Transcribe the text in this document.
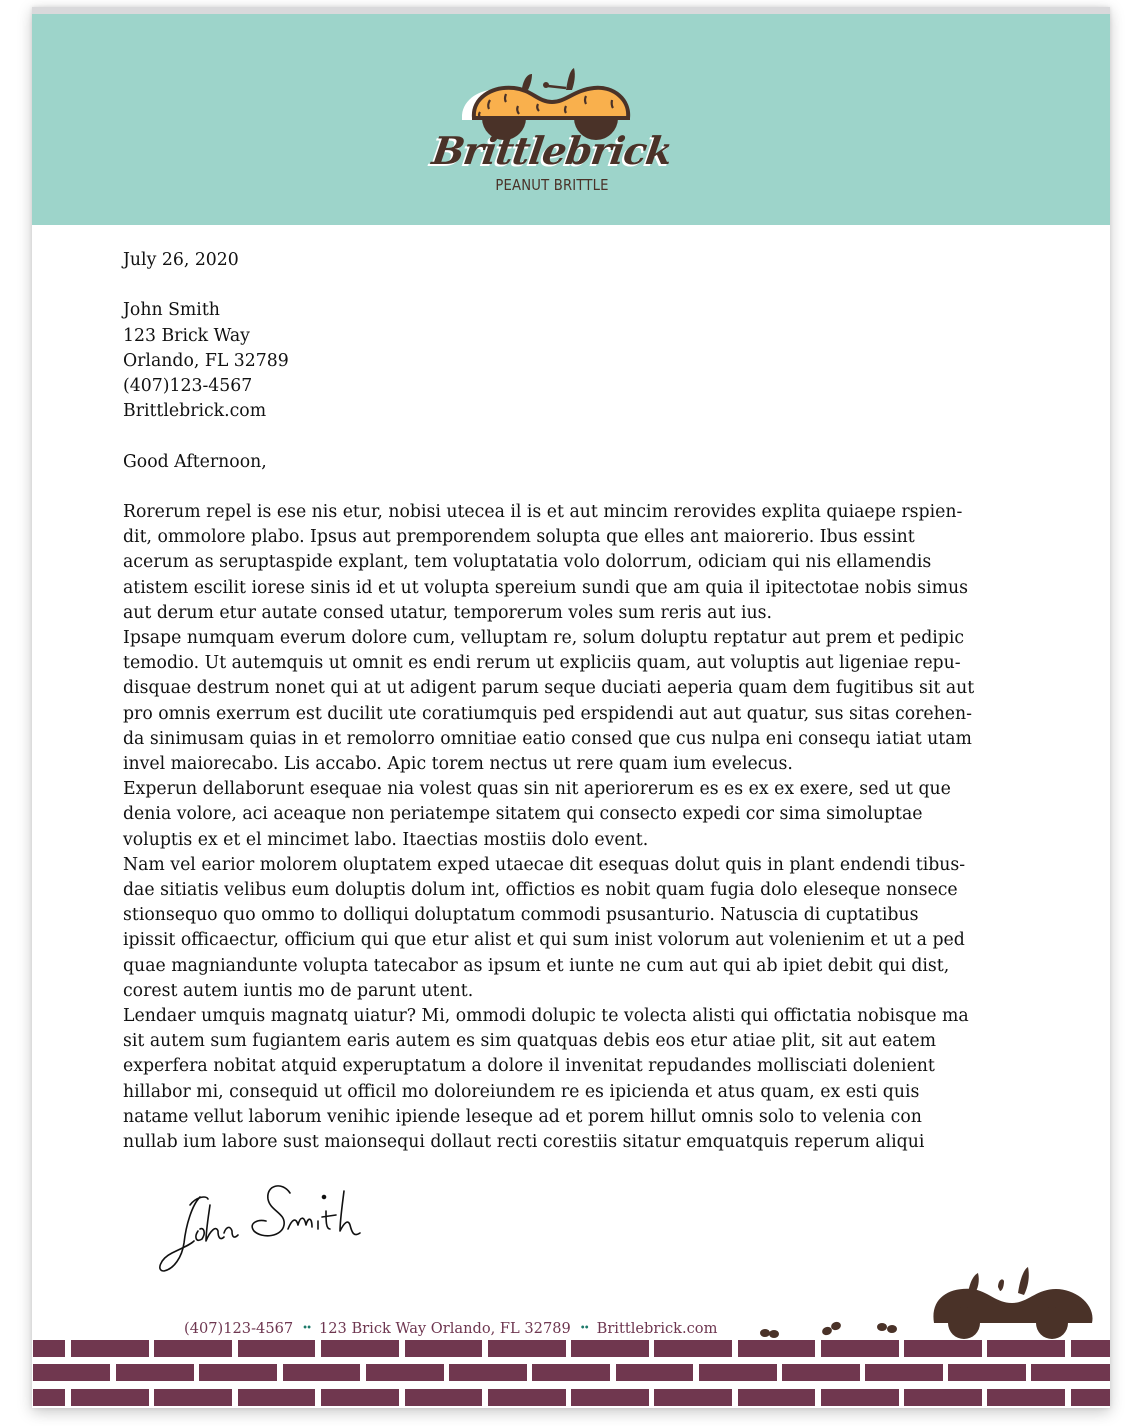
Brittlebrick
PEANUT BRITTLE
July 26, 2020
John Smith
123 Brick Way
Orlando, FL 32789
(407)123-4567
Brittlebrick.com
Good Afternoon,
Rorerum repel is ese nis etur, nobisi utecea il is et aut mincim rerovides explita quiaepe rspien-
dit, ommolore plabo. Ipsus aut premporendem solupta que elles ant maiorerio. Ibus essint
acerum as seruptaspide explant, tem voluptatatia volo dolorrum, odiciam qui nis ellamendis
atistem escilit iorese sinis id et ut volupta spereium sundi que am quia il ipitectotae nobis simus
aut derum etur autate consed utatur, temporerum voles sum reris aut ius.
Ipsape numquam everum dolore cum, velluptam re, solum doluptu reptatur aut prem et pedipic
temodio. Ut autemquis ut omnit es endi rerum ut expliciis quam, aut voluptis aut ligeniae repu-
disquae destrum nonet qui at ut adigent parum seque duciati aeperia quam dem fugitibus sit aut
pro omnis exerrum est ducilit ute coratiumquis ped erspidendi aut aut quatur, sus sitas corehen-
da sinimusam quias in et remolorro omnitiae eatio consed que cus nulpa eni consequ iatiat utam
invel maiorecabo. Lis accabo. Apic torem nectus ut rere quam ium evelecus.
Experun dellaborunt esequae nia volest quas sin nit aperiorerum es es ex ex exere, sed ut que
denia volore, aci aceaque non periatempe sitatem qui consecto expedi cor sima simoluptae
voluptis ex et el mincimet labo. Itaectias mostiis dolo event.
Nam vel earior molorem oluptatem exped utaecae dit esequas dolut quis in plant endendi tibus-
dae sitiatis velibus eum doluptis dolum int, offictios es nobit quam fugia dolo eleseque nonsece
stionsequo quo ommo to dolliqui doluptatum commodi psusanturio. Natuscia di cuptatibus
ipissit officaectur, officium qui que etur alist et qui sum inist volorum aut volenienim et ut a ped
quae magniandunte volupta tatecabor as ipsum et iunte ne cum aut qui ab ipiet debit qui dist,
corest autem iuntis mo de parunt utent.
Lendaer umquis magnatq uiatur? Mi, ommodi dolupic te volecta alisti qui offictatia nobisque ma
sit autem sum fugiantem earis autem es sim quatquas debis eos etur atiae plit, sit aut eatem
experfera nobitat atquid experuptatum a dolore il invenitat repudandes mollisciati dolenient
hillabor mi, consequid ut officil mo doloreiundem re es ipicienda et atus quam, ex esti quis
natame vellut laborum venihic ipiende leseque ad et porem hillut omnis solo to velenia con
nullab ium labore sust maionsequi dollaut recti corestiis sitatur emquatquis reperum aliqui
(407)123-4567 •• 123 Brick Way Orlando, FL 32789 •• Brittlebrick.com
